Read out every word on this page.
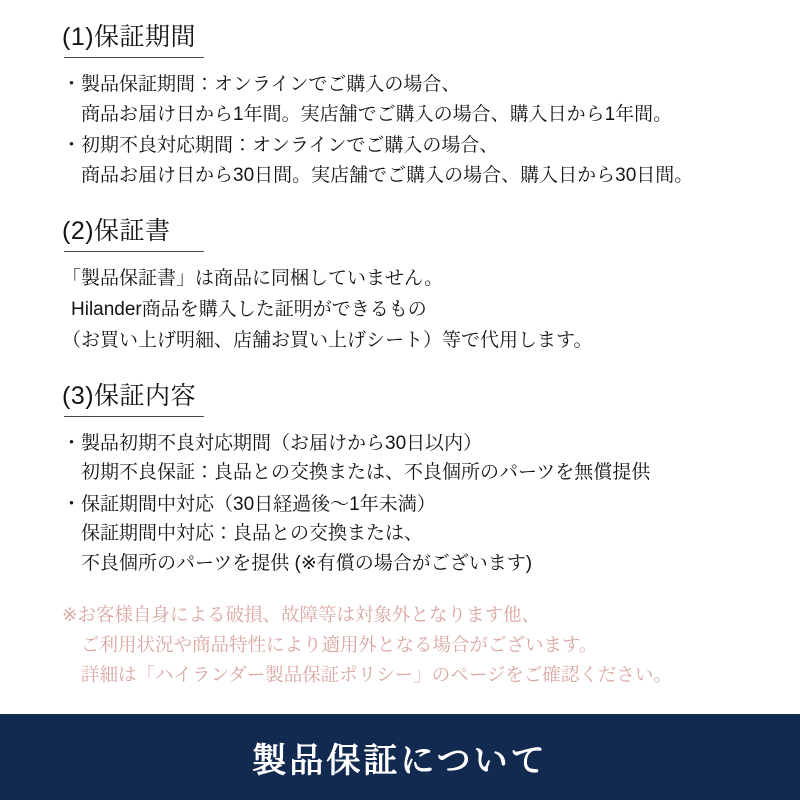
(1)保証期間
・製品保証期間：オンラインでご購入の場合、
商品お届け日から1年間。実店舗でご購入の場合、購入日から1年間。
・初期不良対応期間：オンラインでご購入の場合、
商品お届け日から30日間。実店舗でご購入の場合、購入日から30日間。
(2)保証書

「製品保証書」は商品に同梱していません。
Hilander商品を購入した証明ができるもの
（お買い上げ明細、店舗お買い上げシート）等で代用します。

(3)保証内容
・製品初期不良対応期間（お届けから30日以内）
初期不良保証：良品との交換または、不良個所のパーツを無償提供
・保証期間中対応（30日経過後〜1年未満）
保証期間中対応：良品との交換または、
不良個所のパーツを提供 (※有償の場合がございます)
※お客様自身による破損、故障等は対象外となります他、
ご利用状況や商品特性により適用外となる場合がございます。
詳細は「ハイランダー製品保証ポリシー」のページをご確認ください。
製品保証について
